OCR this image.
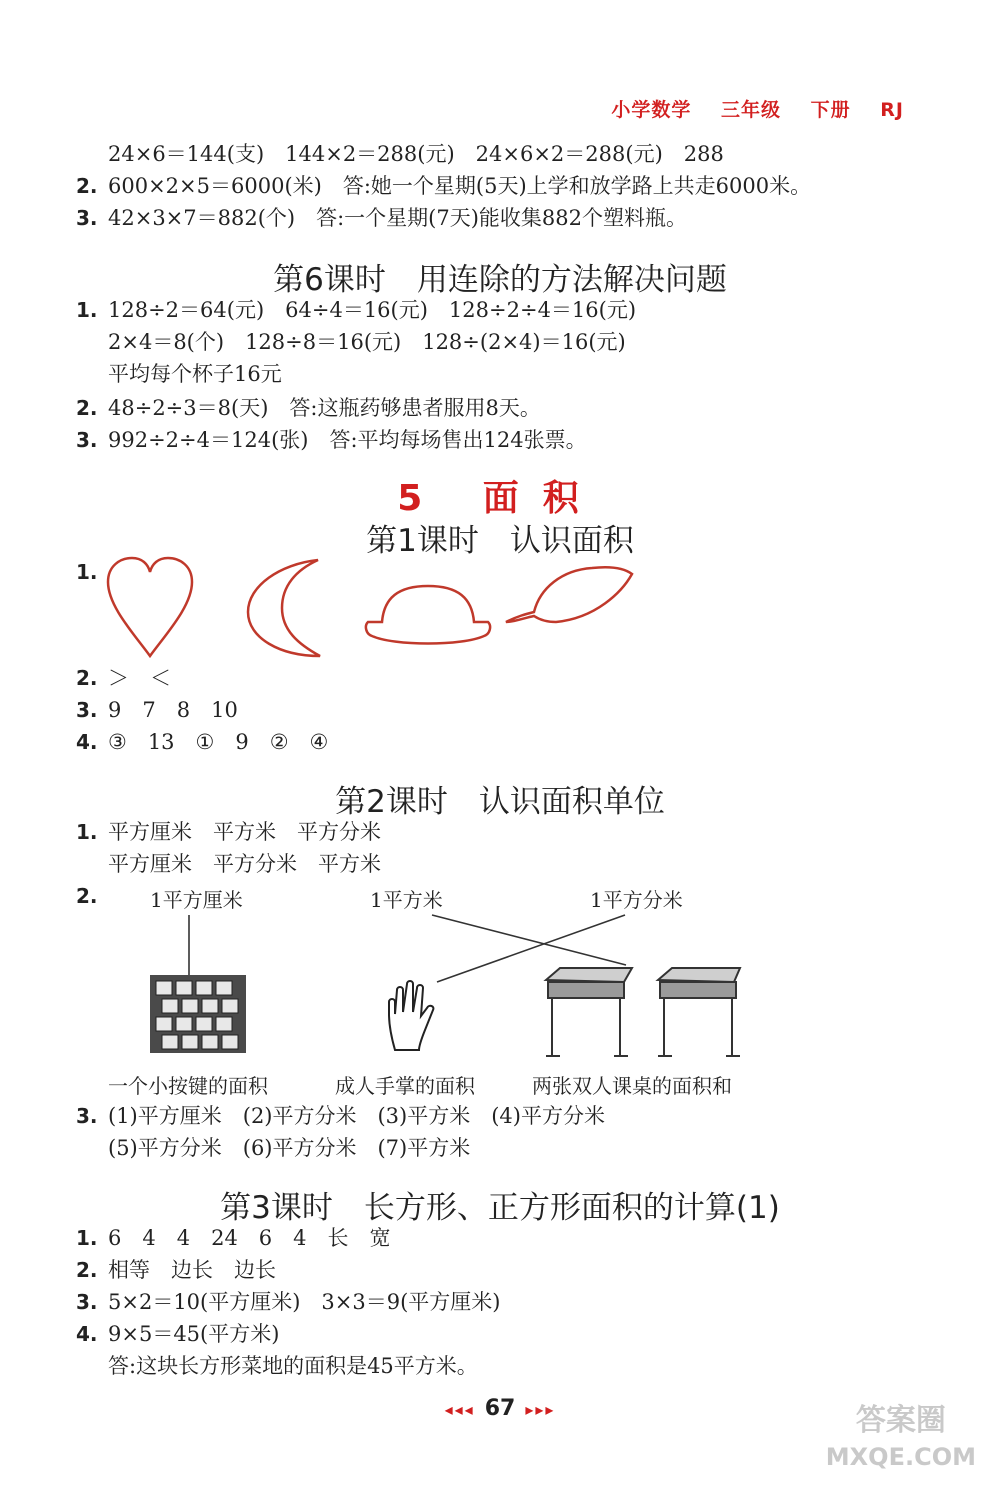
小学数学 三年级 下册 RJ
24×6＝144(支)　144×2＝288(元)　24×6×2＝288(元)　288
2. 600×2×5＝6000(米)　答:她一个星期(5天)上学和放学路上共走6000米。
3. 42×3×7＝882(个)　答:一个星期(7天)能收集882个塑料瓶。
第6课时　用连除的方法解决问题
1. 128÷2＝64(元)　64÷4＝16(元)　128÷2÷4＝16(元)
2×4＝8(个)　128÷8＝16(元)　128÷(2×4)＝16(元)
平均每个杯子16元
2. 48÷2÷3＝8(天)　答:这瓶药够患者服用8天。
3. 992÷2÷4＝124(张)　答:平均每场售出124张票。
5 面积
第1课时　认识面积
1.
2. ＞　＜
3. 9　7　8　10
4. ③　13　①　9　②　④
第2课时　认识面积单位
1. 平方厘米　平方米　平方分米
平方厘米　平方分米　平方米
2.	1平方厘米	1平方米	1平方分米
一个小按键的面积	成人手掌的面积	两张双人课桌的面积和
3. (1)平方厘米　(2)平方分米　(3)平方米　(4)平方分米
(5)平方分米　(6)平方分米　(7)平方米
第3课时　长方形、正方形面积的计算(1)
1. 6　4　4　24　6　4　长　宽
2. 相等　边长　边长
3. 5×2＝10(平方厘米)　3×3＝9(平方厘米)
4. 9×5＝45(平方米)
答:这块长方形菜地的面积是45平方米。
◂◂◂ 67 ▸▸▸	答案圈
MXQE.COM
